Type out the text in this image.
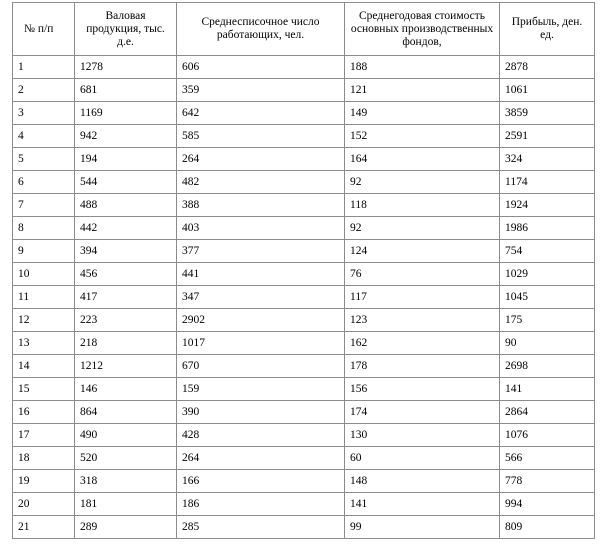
№ п/п	Валовая продукция, тыс. д.е.	Среднесписочное число работающих, чел.	Среднегодовая стоимость основных производственных фондов,	Прибыль, ден. ед.
1	1278	606	188	2878
2	681	359	121	1061
3	1169	642	149	3859
4	942	585	152	2591
5	194	264	164	324
6	544	482	92	1174
7	488	388	118	1924
8	442	403	92	1986
9	394	377	124	754
10	456	441	76	1029
11	417	347	117	1045
12	223	2902	123	175
13	218	1017	162	90
14	1212	670	178	2698
15	146	159	156	141
16	864	390	174	2864
17	490	428	130	1076
18	520	264	60	566
19	318	166	148	778
20	181	186	141	994
21	289	285	99	809
